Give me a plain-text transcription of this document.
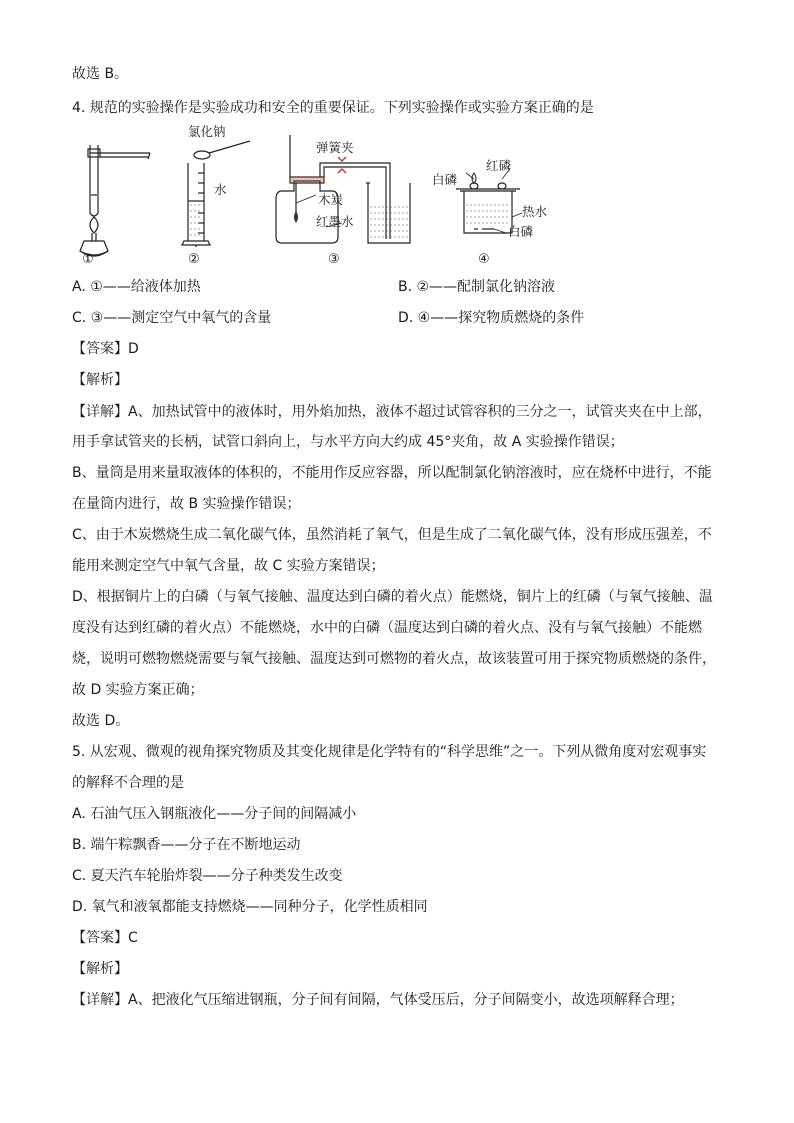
故选 B。
4. 规范的实验操作是实验成功和安全的重要保证。下列实验操作或实验方案正确的是
氯化钠
水
弹簧夹
木炭
红墨水
红磷
白磷
热水
白磷
①	②	③	④
A. ①——给液体加热	B. ②——配制氯化钠溶液
C. ③——测定空气中氧气的含量	D. ④——探究物质燃烧的条件
【答案】D
【解析】
【详解】A、加热试管中的液体时，用外焰加热，液体不超过试管容积的三分之一，试管夹夹在中上部，
用手拿试管夹的长柄，试管口斜向上，与水平方向大约成 45°夹角，故 A 实验操作错误；
B、量筒是用来量取液体的体积的，不能用作反应容器，所以配制氯化钠溶液时，应在烧杯中进行，不能
在量筒内进行，故 B 实验操作错误；
C、由于木炭燃烧生成二氧化碳气体，虽然消耗了氧气，但是生成了二氧化碳气体，没有形成压强差，不
能用来测定空气中氧气含量，故 C 实验方案错误；
D、根据铜片上的白磷（与氧气接触、温度达到白磷的着火点）能燃烧，铜片上的红磷（与氧气接触、温
度没有达到红磷的着火点）不能燃烧，水中的白磷（温度达到白磷的着火点、没有与氧气接触）不能燃
烧，说明可燃物燃烧需要与氧气接触、温度达到可燃物的着火点，故该装置可用于探究物质燃烧的条件，
故 D 实验方案正确；
故选 D。
5. 从宏观、微观的视角探究物质及其变化规律是化学特有的“科学思维”之一。下列从微角度对宏观事实
的解释不合理的是
A. 石油气压入钢瓶液化——分子间的间隔减小
B. 端午粽飘香——分子在不断地运动
C. 夏天汽车轮胎炸裂——分子种类发生改变
D. 氧气和液氧都能支持燃烧——同种分子，化学性质相同
【答案】C
【解析】
【详解】A、把液化气压缩进钢瓶，分子间有间隔，气体受压后，分子间隔变小，故选项解释合理；
